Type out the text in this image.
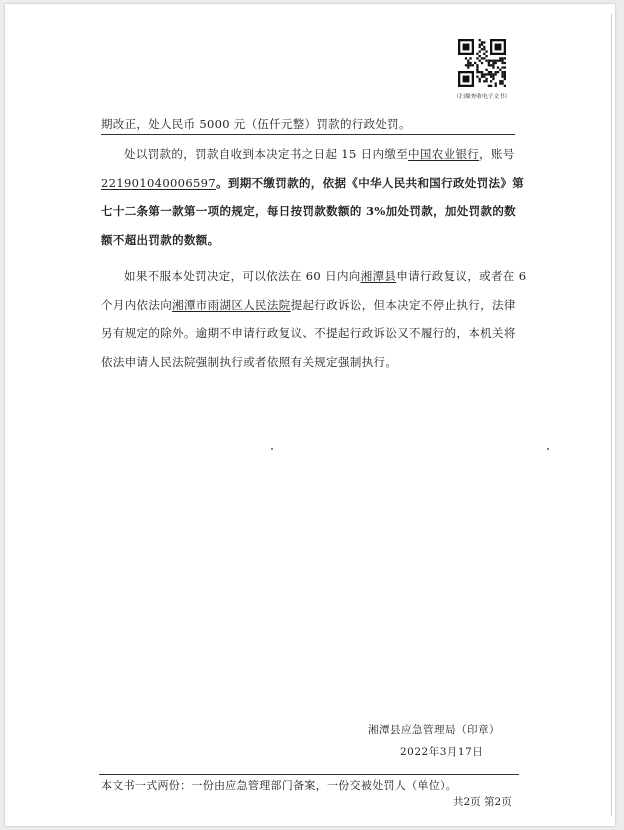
（扫描查收电子文书）
期改正，处人民币 5000 元（伍仟元整）罚款的行政处罚。

处以罚款的，罚款自收到本决定书之日起 15 日内缴至中国农业银行，账号221901040006597。到期不缴罚款的，依据《中华人民共和国行政处罚法》第七十二条第一款第一项的规定，每日按罚款数额的 3%加处罚款，加处罚款的数额不超出罚款的数额。

如果不服本处罚决定，可以依法在 60 日内向湘潭县申请行政复议，或者在 6 个月内依法向湘潭市雨湖区人民法院提起行政诉讼，但本决定不停止执行，法律另有规定的除外。逾期不申请行政复议、不提起行政诉讼又不履行的，本机关将依法申请人民法院强制执行或者依照有关规定强制执行。

湘潭县应急管理局（印章）
2022年3月17日
本文书一式两份：一份由应急管理部门备案，一份交被处罚人（单位）。
共2页 第2页
